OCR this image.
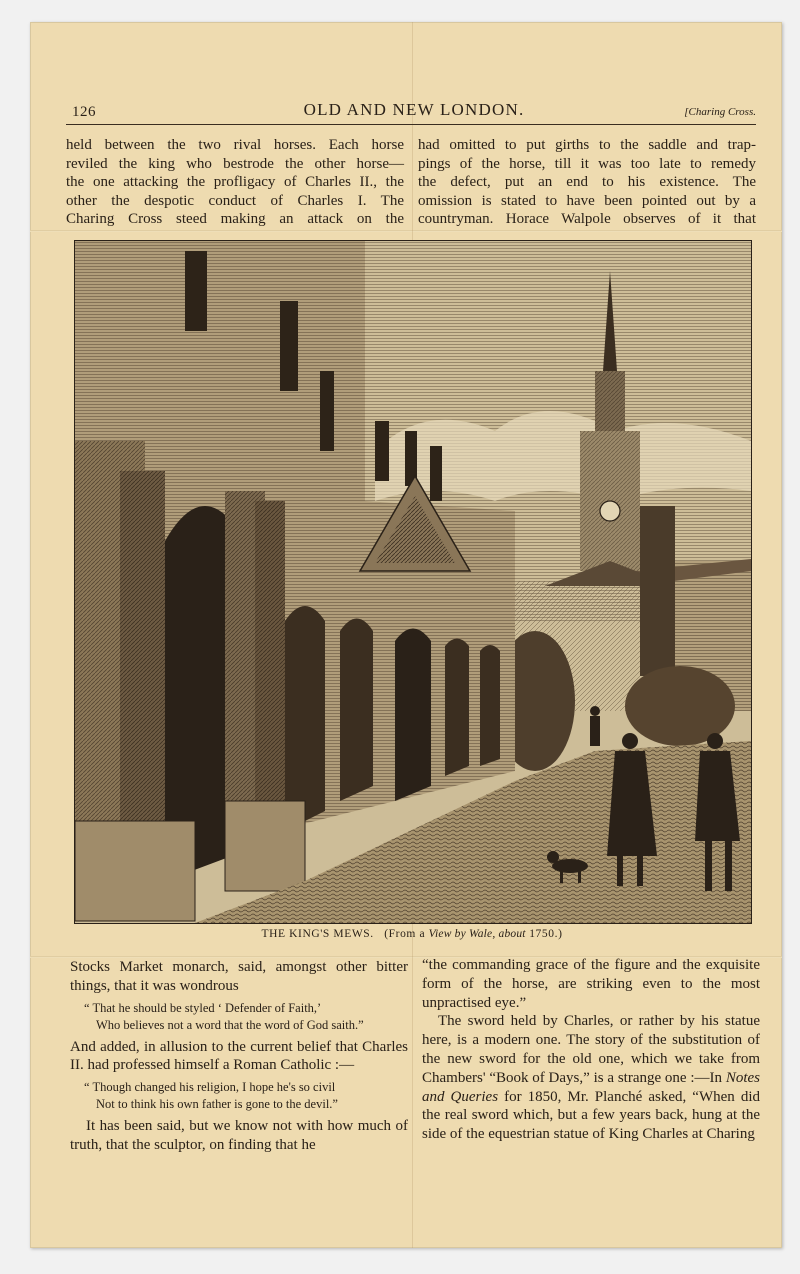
126	OLD AND NEW LONDON.	[Charing Cross.

held between the two rival horses. Each horse

reviled the king who bestrode the other horse—

the one attacking the profligacy of Charles II., the

other the despotic conduct of Charles I. The

Charing Cross steed making an attack on the

had omitted to put girths to the saddle and trap-

pings of the horse, till it was too late to remedy

the defect, put an end to his existence. The

omission is stated to have been pointed out by a

countryman. Horace Walpole observes of it that

THE KING'S MEWS. (From a View by Wale, about 1750.)

Stocks Market monarch, said, amongst other bitter things, that it was wondrous

“ That he should be styled ‘ Defender of Faith,’
Who believes not a word that the word of God saith.”

And added, in allusion to the current belief that Charles II. had professed himself a Roman Catholic :—

“ Though changed his religion, I hope he's so civil
Not to think his own father is gone to the devil.”

It has been said, but we know not with how much of truth, that the sculptor, on finding that he

“the commanding grace of the figure and the exquisite form of the horse, are striking even to the most unpractised eye.”

The sword held by Charles, or rather by his statue here, is a modern one. The story of the substitution of the new sword for the old one, which we take from Chambers' “Book of Days,” is a strange one :—In Notes and Queries for 1850, Mr. Planché asked, “When did the real sword which, but a few years back, hung at the side of the equestrian statue of King Charles at Charing
